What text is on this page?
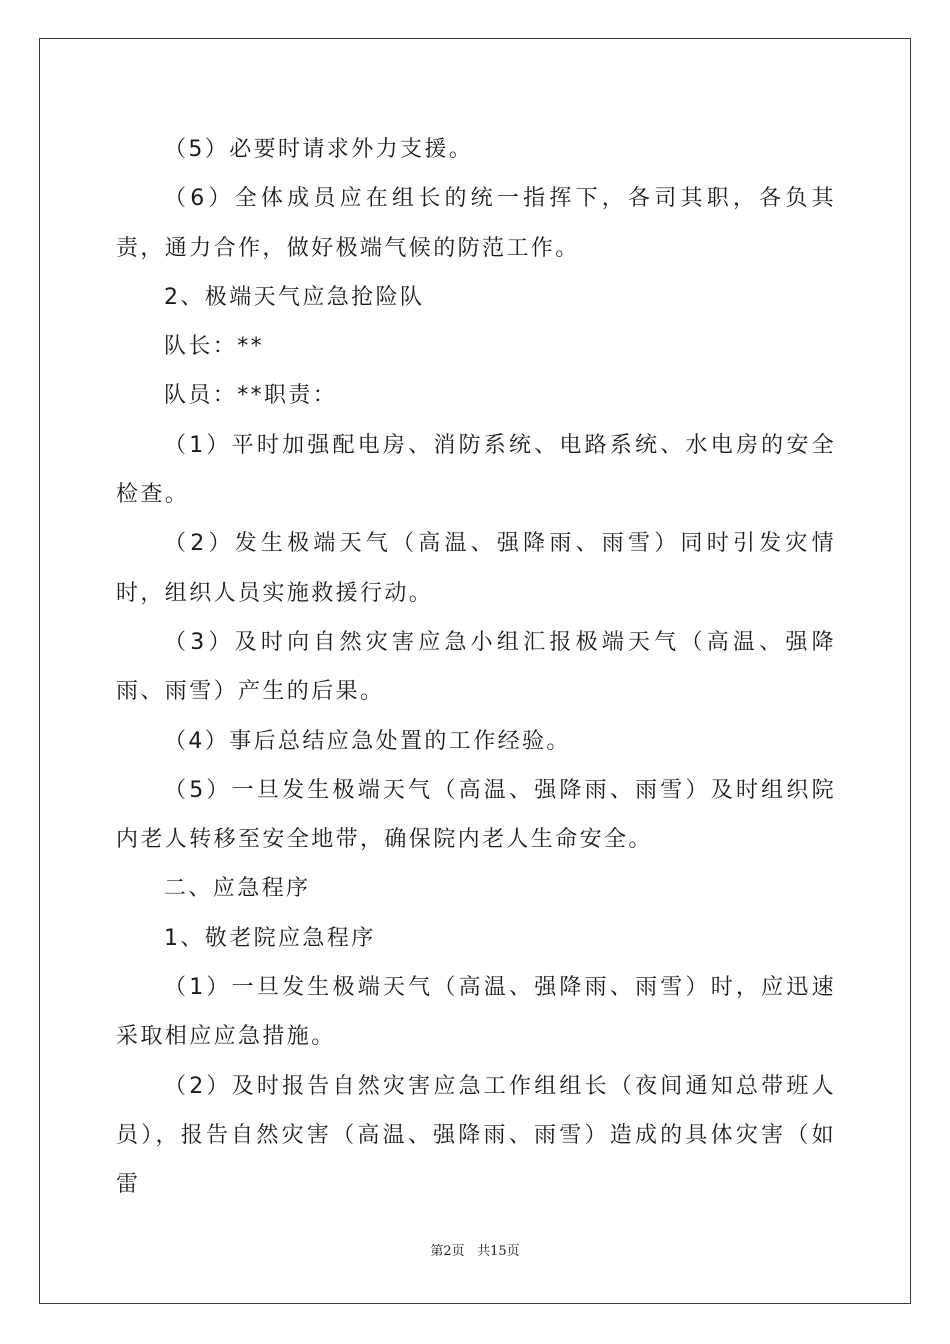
（5）必要时请求外力支援。

（6）全体成员应在组长的统一指挥下，各司其职，各负其责，通力合作，做好极端气候的防范工作。

2、极端天气应急抢险队

队长：**

队员：**职责：

（1）平时加强配电房、消防系统、电路系统、水电房的安全检查。

（2）发生极端天气（高温、强降雨、雨雪）同时引发灾情时，组织人员实施救援行动。

（3）及时向自然灾害应急小组汇报极端天气（高温、强降雨、雨雪）产生的后果。

（4）事后总结应急处置的工作经验。

（5）一旦发生极端天气（高温、强降雨、雨雪）及时组织院内老人转移至安全地带，确保院内老人生命安全。

二、应急程序

1、敬老院应急程序

（1）一旦发生极端天气（高温、强降雨、雨雪）时，应迅速采取相应应急措施。

（2）及时报告自然灾害应急工作组组长（夜间通知总带班人员），报告自然灾害（高温、强降雨、雨雪）造成的具体灾害（如雷

第2页 共15页
